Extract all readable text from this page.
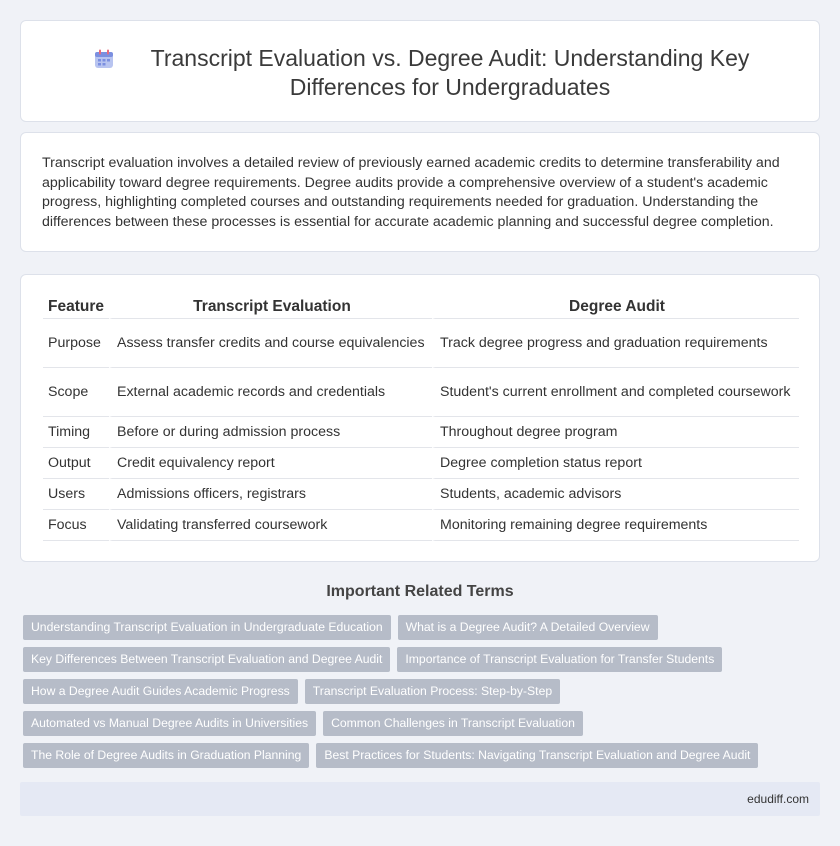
Transcript Evaluation vs. Degree Audit: Understanding Key Differences for Undergraduates

Transcript evaluation involves a detailed review of previously earned academic credits to determine transferability and applicability toward degree requirements. Degree audits provide a comprehensive overview of a student's academic progress, highlighting completed courses and outstanding requirements needed for graduation. Understanding the differences between these processes is essential for accurate academic planning and successful degree completion.

Feature	Transcript Evaluation	Degree Audit
Purpose	Assess transfer credits and course equivalencies	Track degree progress and graduation requirements
Scope	External academic records and credentials	Student's current enrollment and completed coursework
Timing	Before or during admission process	Throughout degree program
Output	Credit equivalency report	Degree completion status report
Users	Admissions officers, registrars	Students, academic advisors
Focus	Validating transferred coursework	Monitoring remaining degree requirements
Important Related Terms
Understanding Transcript Evaluation in Undergraduate Education	What is a Degree Audit? A Detailed Overview
Key Differences Between Transcript Evaluation and Degree Audit	Importance of Transcript Evaluation for Transfer Students
How a Degree Audit Guides Academic Progress	Transcript Evaluation Process: Step-by-Step
Automated vs Manual Degree Audits in Universities	Common Challenges in Transcript Evaluation
The Role of Degree Audits in Graduation Planning	Best Practices for Students: Navigating Transcript Evaluation and Degree Audit
edudiff.com
